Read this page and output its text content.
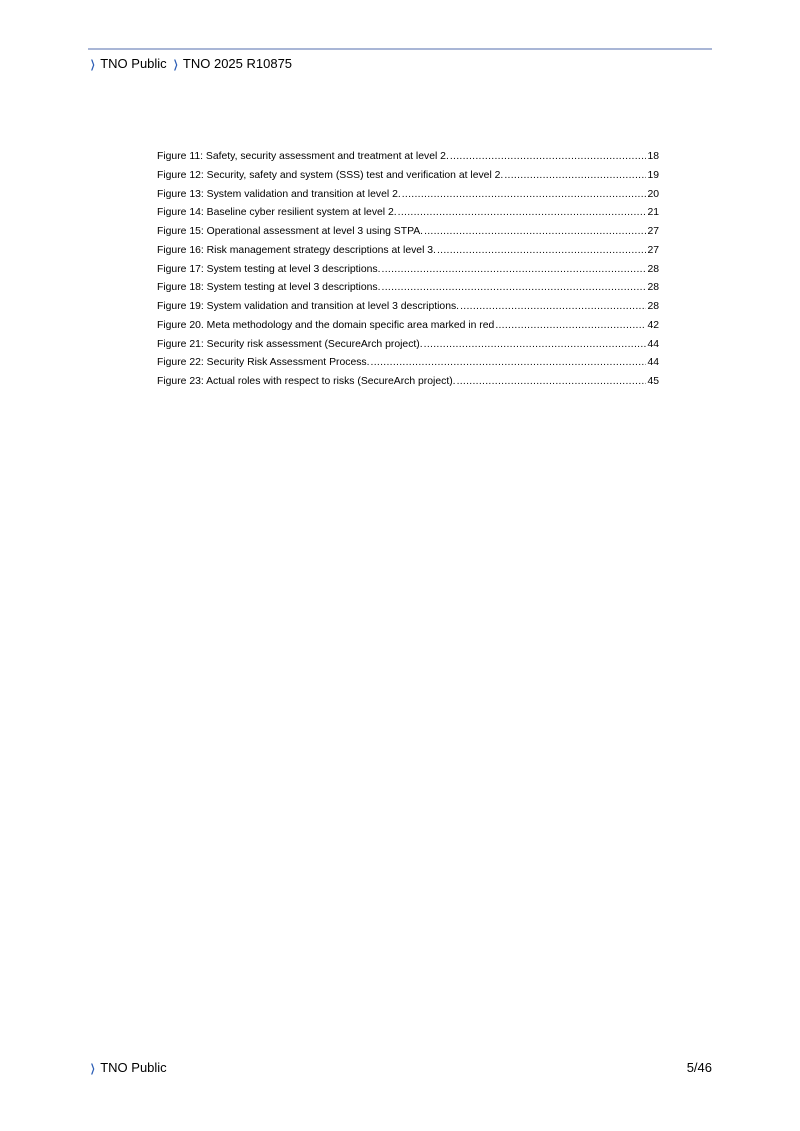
❯ TNO Public ❯ TNO 2025 R10875
Figure 11: Safety, security assessment and treatment at level 2. .....	18
Figure 12: Security, safety and system (SSS) test and verification at level 2. .....	19
Figure 13: System validation and transition at level 2. .....	20
Figure 14: Baseline cyber resilient system at level 2. .....	21
Figure 15: Operational assessment at level 3 using STPA. .....	27
Figure 16: Risk management strategy descriptions at level 3. .....	27
Figure 17: System testing at level 3 descriptions. .....	28
Figure 18: System testing at level 3 descriptions. .....	28
Figure 19: System validation and transition at level 3 descriptions. .....	28
Figure 20. Meta methodology and the domain specific area marked in red .....	42
Figure 21: Security risk assessment (SecureArch project). .....	44
Figure 22: Security Risk Assessment Process. .....	44
Figure 23: Actual roles with respect to risks (SecureArch project). .....	45
❯ TNO Public	5/46
